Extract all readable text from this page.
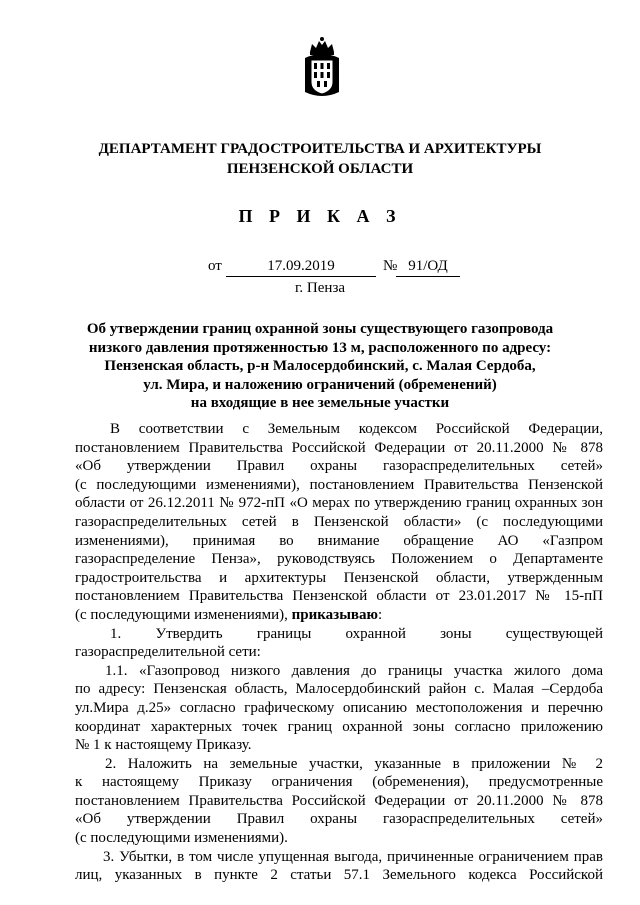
ДЕПАРТАМЕНТ ГРАДОСТРОИТЕЛЬСТВА И АРХИТЕКТУРЫ
ПЕНЗЕНСКОЙ ОБЛАСТИ
П Р И К А З
от	17.09.2019	№ 91/ОД
г. Пенза
Об утверждении границ охранной зоны существующего газопровода
низкого давления протяженностью 13 м, расположенного по адресу:
Пензенская область, р-н Малосердобинский, с. Малая Сердоба,
ул. Мира, и наложению ограничений (обременений)
на входящие в нее земельные участки
В соответствии с Земельным кодексом Российской Федерации,
постановлением Правительства Российской Федерации от 20.11.2000 № 878
«Об утверждении Правил охраны газораспределительных сетей»
(с последующими изменениями), постановлением Правительства Пензенской
области от 26.12.2011 № 972-пП «О мерах по утверждению границ охранных зон
газораспределительных сетей в Пензенской области» (с последующими
изменениями), принимая во внимание обращение АО «Газпром
газораспределение Пенза», руководствуясь Положением о Департаменте
градостроительства и архитектуры Пензенской области, утвержденным
постановлением Правительства Пензенской области от 23.01.2017 № 15-пП
(с последующими изменениями), приказываю:
1. Утвердить границы охранной зоны существующей
газораспределительной сети:
1.1. «Газопровод низкого давления до границы участка жилого дома
по адресу: Пензенская область, Малосердобинский район с. Малая –Сердоба
ул.Мира д.25» согласно графическому описанию местоположения и перечню
координат характерных точек границ охранной зоны согласно приложению
№ 1 к настоящему Приказу.
2. Наложить на земельные участки, указанные в приложении № 2
к настоящему Приказу ограничения (обременения), предусмотренные
постановлением Правительства Российской Федерации от 20.11.2000 № 878
«Об утверждении Правил охраны газораспределительных сетей»
(с последующими изменениями).
3. Убытки, в том числе упущенная выгода, причиненные ограничением прав
лиц, указанных в пункте 2 статьи 57.1 Земельного кодекса Российской
